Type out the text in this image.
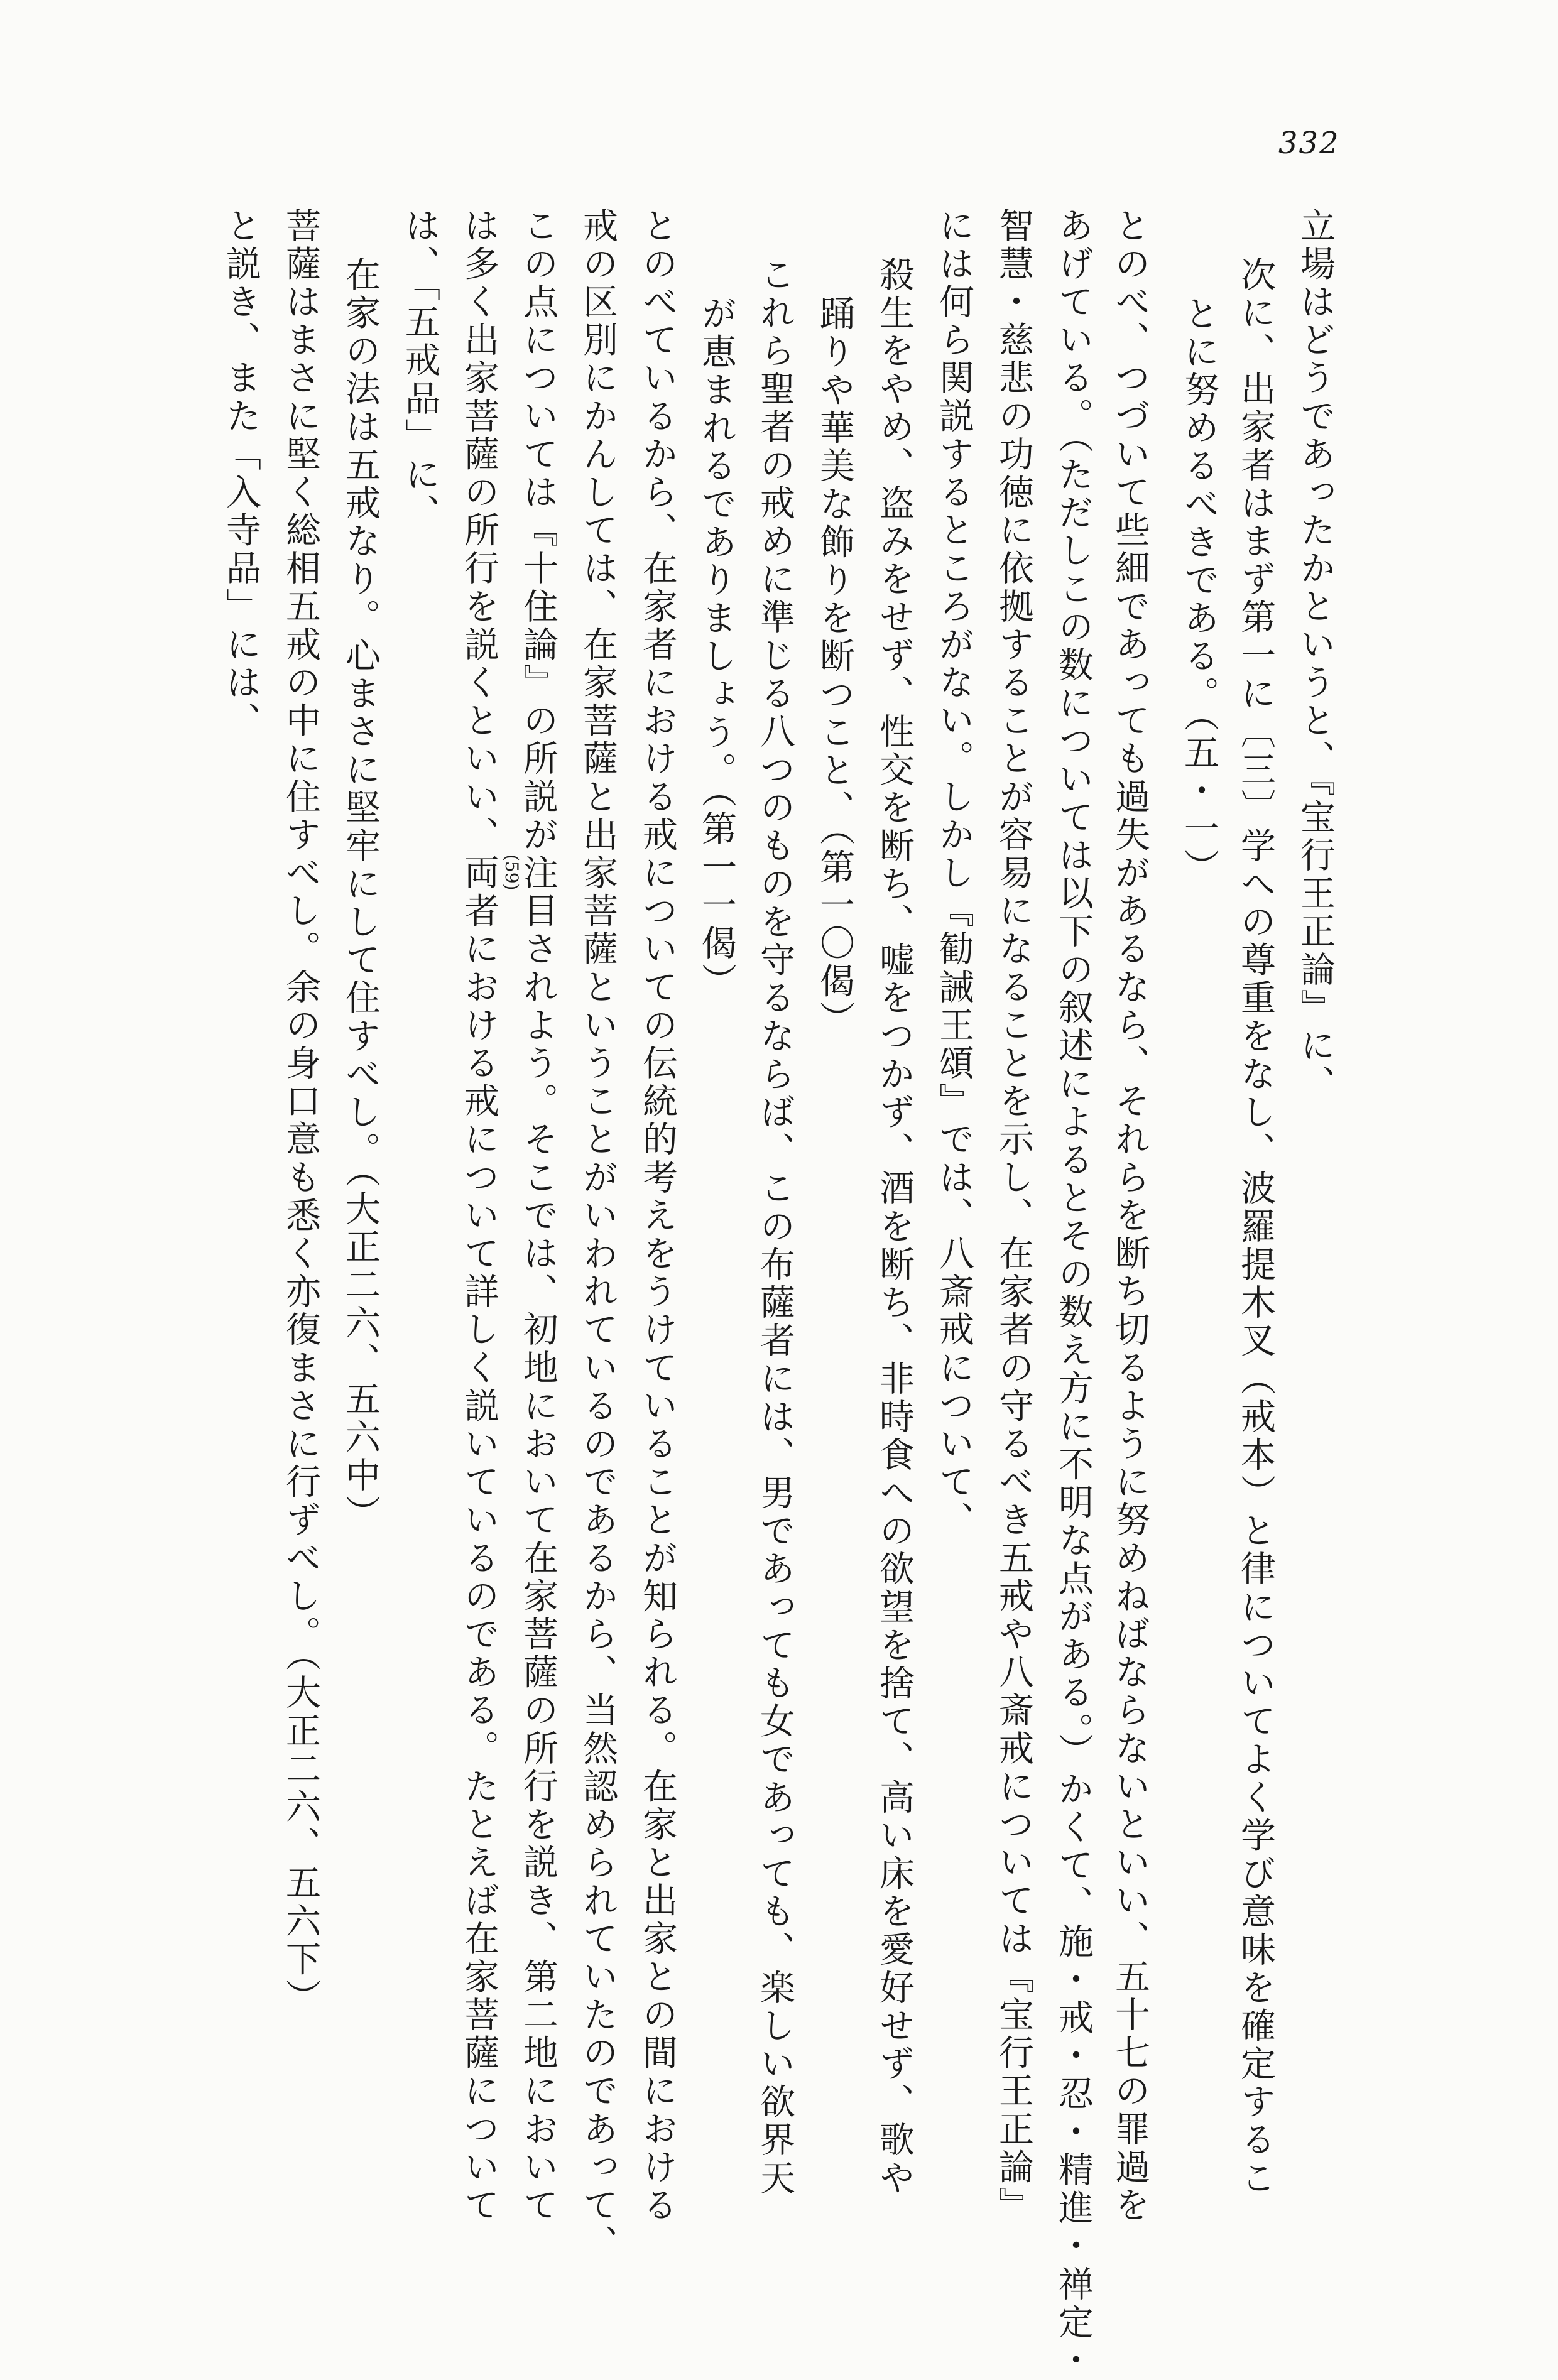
332
立場はどうであったかというと、『宝行王正論』に、
次に、出家者はまず第一に〔三〕学への尊重をなし、波羅提木叉（戒本）と律についてよく学び意味を確定するこ
とに努めるべきである。（五・一）
とのべ、つづいて些細であっても過失があるなら、それらを断ち切るように努めねばならないといい、五十七の罪過を
あげている。（ただしこの数については以下の叙述によるとその数え方に不明な点がある。）かくて、施・戒・忍・精進・禅定・
智慧・慈悲の功徳に依拠することが容易になることを示し、在家者の守るべき五戒や八斎戒については『宝行王正論』
には何ら関説するところがない。しかし『勧誡王頌』では、八斎戒について、
殺生をやめ、盗みをせず、性交を断ち、嘘をつかず、酒を断ち、非時食への欲望を捨て、高い床を愛好せず、歌や
踊りや華美な飾りを断つこと、（第一〇偈）
これら聖者の戒めに準じる八つのものを守るならば、この布薩者には、男であっても女であっても、楽しい欲界天
が恵まれるでありましょう。（第一一偈）
とのべているから、在家者における戒についての伝統的考えをうけていることが知られる。在家と出家との間における
戒の区別にかんしては、在家菩薩と出家菩薩ということがいわれているのであるから、当然認められていたのであって、
この点については『十住論』の所説が注目されよう。そこでは、初地において在家菩薩の所行を説き、第二地において
は多く出家菩薩の所行を説くといい、両者における戒について詳しく説いているのである。たとえば在家菩薩について
は、「五戒品」に、
在家の法は五戒なり。心まさに堅牢にして住すべし。（大正二六、五六中）
菩薩はまさに堅く総相五戒の中に住すべし。余の身口意も悉く亦復まさに行ずべし。（大正二六、五六下）
と説き、また「入寺品」には、
(59)
